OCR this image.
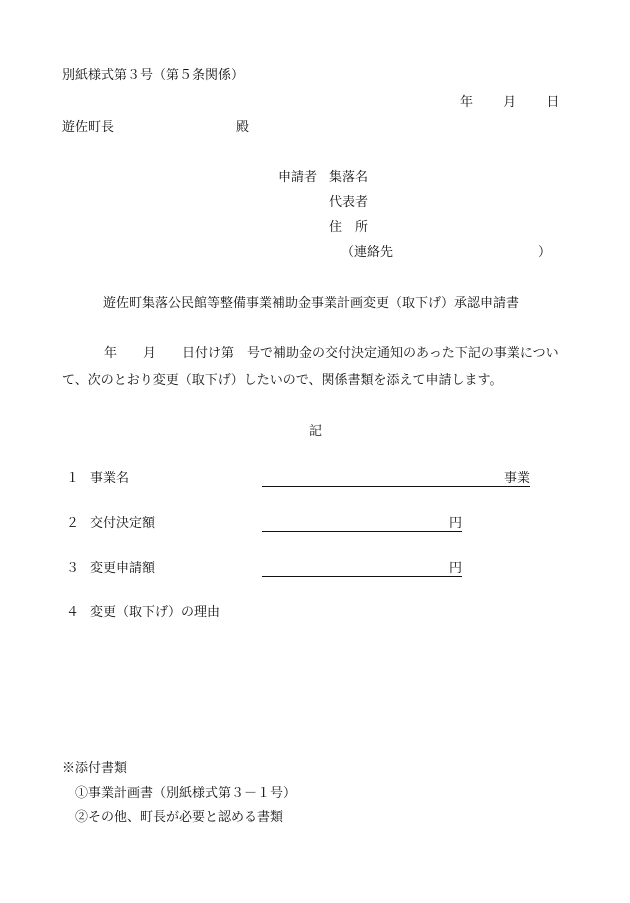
別紙様式第３号（第５条関係）
年 月 日
遊佐町長	殿
申請者 集落名
代表者
住　所
（連絡先	）
遊佐町集落公民館等整備事業補助金事業計画変更（取下げ）承認申請書
年　　月　　日付け第　号で補助金の交付決定通知のあった下記の事業につい
て、次のとおり変更（取下げ）したいので、関係書類を添えて申請します。
記
１ 事業名	事業
２ 交付決定額	円
３ 変更申請額	円
４ 変更（取下げ）の理由
※添付書類
①事業計画書（別紙様式第３－１号）
②その他、町長が必要と認める書類
